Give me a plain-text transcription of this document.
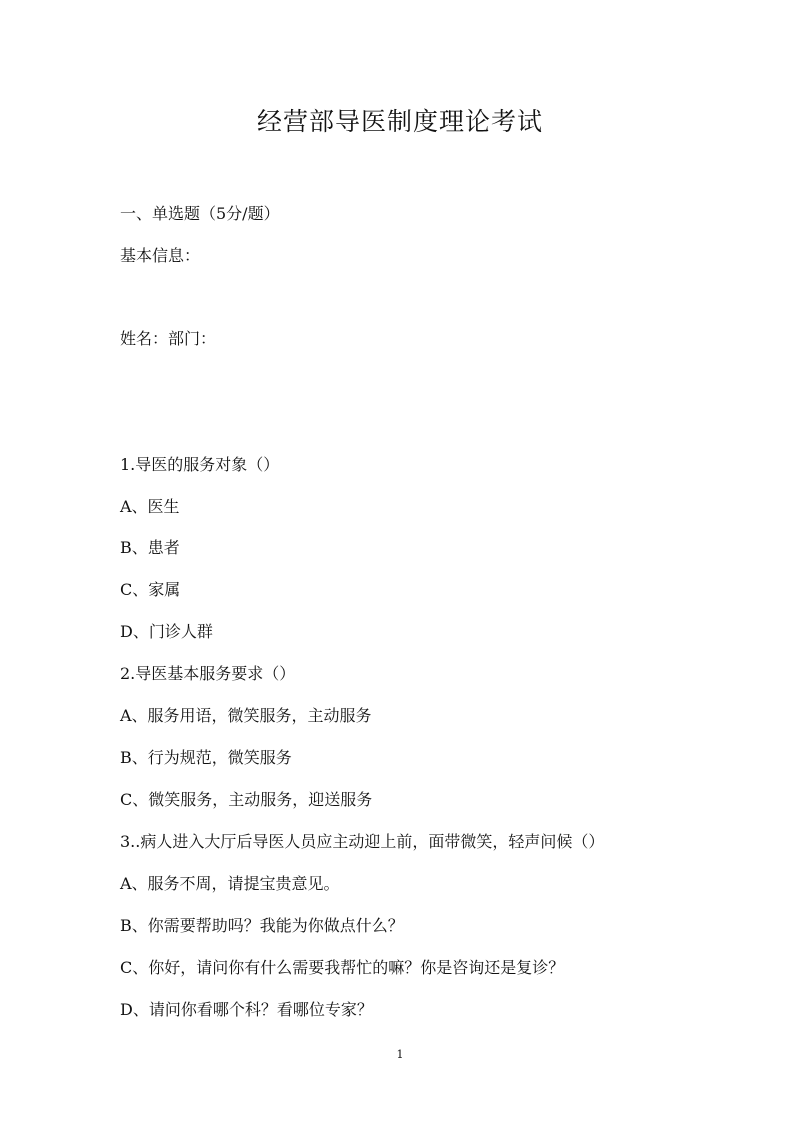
经营部导医制度理论考试

一、单选题（5分/题）

基本信息：

姓名：部门：

1.导医的服务对象（）

A、医生

B、患者

C、家属

D、门诊人群

2.导医基本服务要求（）

A、服务用语，微笑服务，主动服务

B、行为规范，微笑服务

C、微笑服务，主动服务，迎送服务

3..病人进入大厅后导医人员应主动迎上前，面带微笑，轻声问候（）

A、服务不周，请提宝贵意见。

B、你需要帮助吗？我能为你做点什么？

C、你好，请问你有什么需要我帮忙的嘛？你是咨询还是复诊？

D、请问你看哪个科？看哪位专家？

1
